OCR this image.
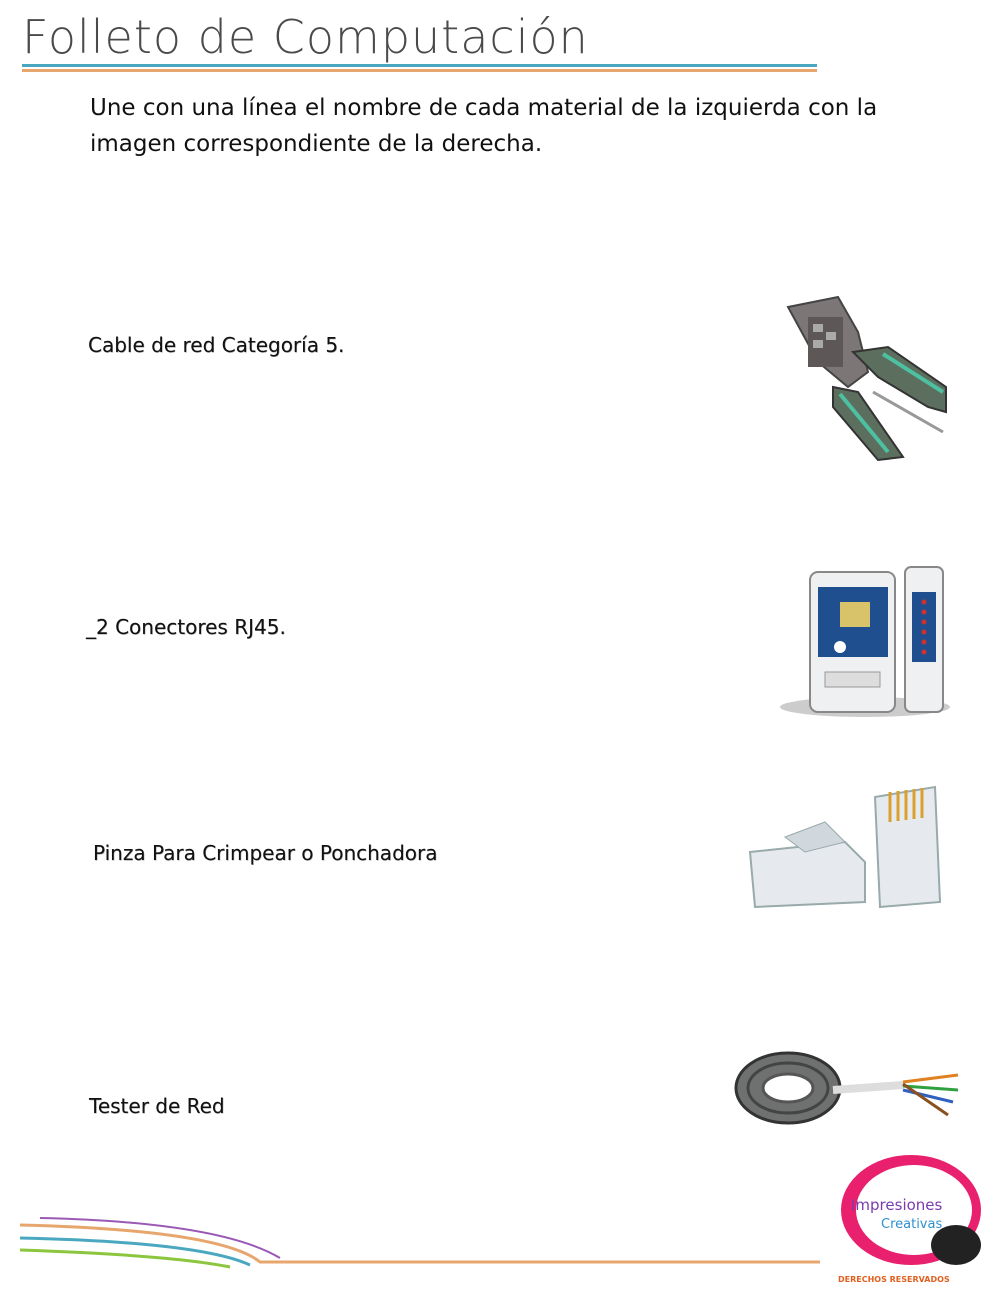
Folleto de Computación
Une con una línea el nombre de cada material de la izquierda con la imagen correspondiente de la derecha.
Cable de red Categoría 5.
_2 Conectores RJ45.
Pinza Para Crimpear o Ponchadora
Tester de Red
Impresiones
Creativas
DERECHOS RESERVADOS
